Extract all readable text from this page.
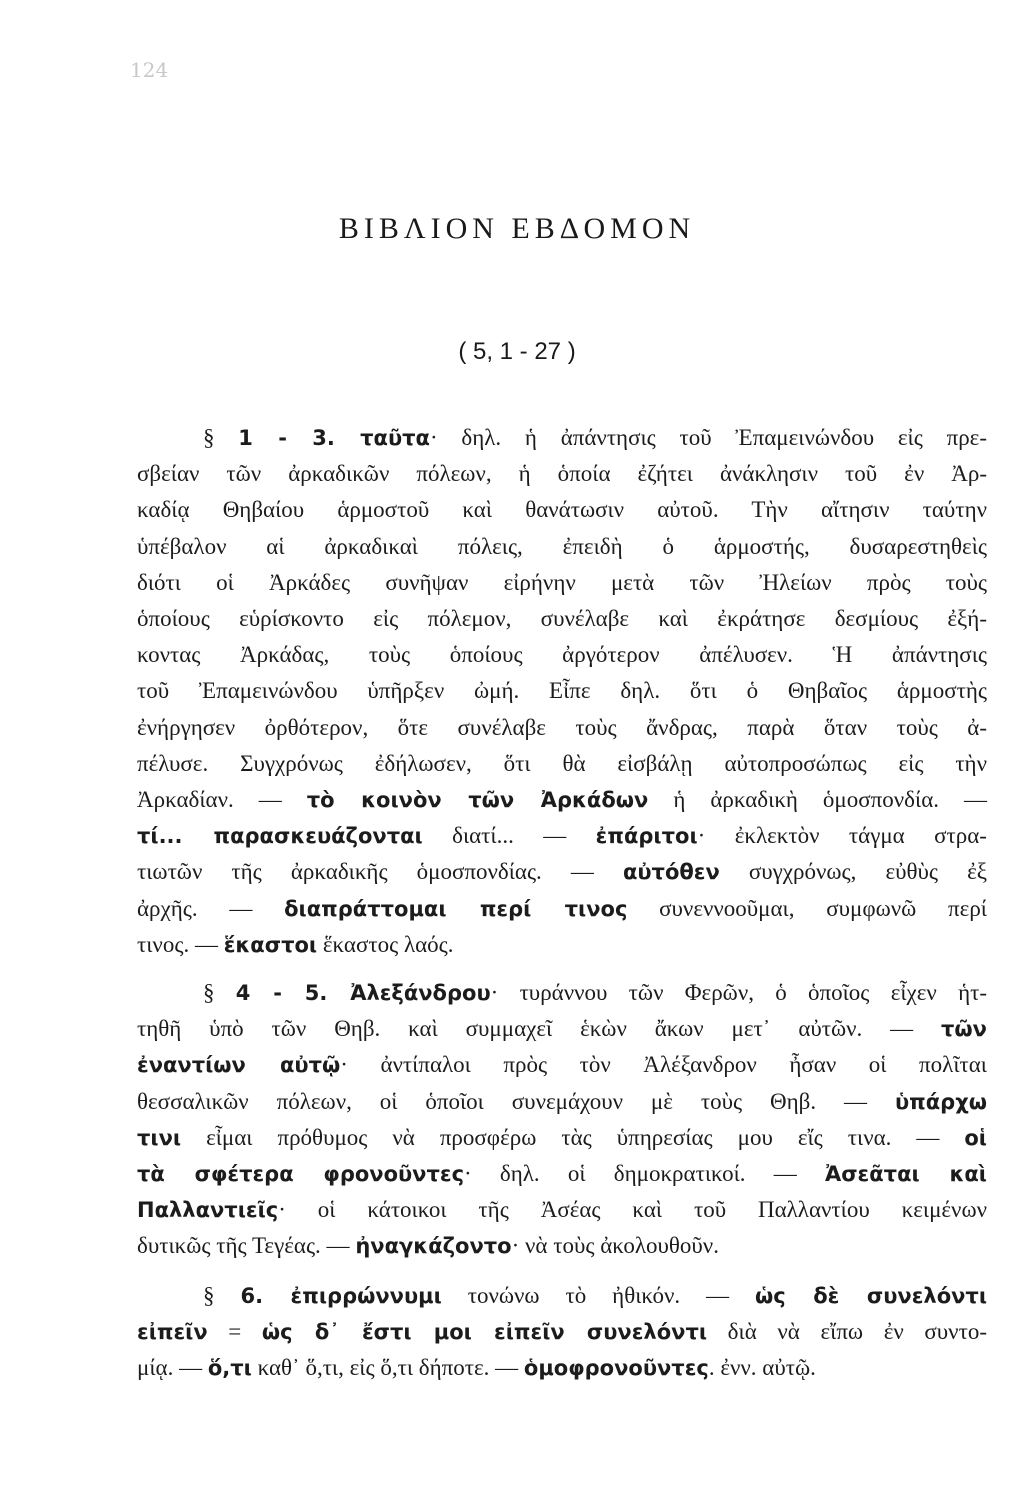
124
ΒΙΒΛΙΟΝ ΕΒΔΟΜΟΝ
( 5, 1 - 27 )
§ 1 - 3. ταῦτα· δηλ. ἡ ἀπάντησις τοῦ Ἐπαμεινώνδου εἰς πρε-
σβείαν τῶν ἀρκαδικῶν πόλεων, ἡ ὁποία ἐζήτει ἀνάκλησιν τοῦ ἐν Ἀρ-
καδίᾳ Θηβαίου ἁρμοστοῦ καὶ θανάτωσιν αὐτοῦ. Τὴν αἴτησιν ταύτην
ὑπέβαλον αἱ ἀρκαδικαὶ πόλεις, ἐπειδὴ ὁ ἁρμοστής, δυσαρεστηθεὶς
διότι οἱ Ἀρκάδες συνῆψαν εἰρήνην μετὰ τῶν Ἠλείων πρὸς τοὺς
ὁποίους εὑρίσκοντο εἰς πόλεμον, συνέλαβε καὶ ἐκράτησε δεσμίους ἐξή-
κοντας Ἀρκάδας, τοὺς ὁποίους ἀργότερον ἀπέλυσεν. Ἡ ἀπάντησις
τοῦ Ἐπαμεινώνδου ὑπῆρξεν ὠμή. Εἶπε δηλ. ὅτι ὁ Θηβαῖος ἁρμοστὴς
ἐνήργησεν ὀρθότερον, ὅτε συνέλαβε τοὺς ἄνδρας, παρὰ ὅταν τοὺς ἀ-
πέλυσε. Συγχρόνως ἐδήλωσεν, ὅτι θὰ εἰσβάλῃ αὐτοπροσώπως εἰς τὴν
Ἀρκαδίαν. — τὸ κοινὸν τῶν Ἀρκάδων ἡ ἀρκαδικὴ ὁμοσπονδία. —
τί... παρασκευάζονται διατί... — ἐπάριτοι· ἐκλεκτὸν τάγμα στρα-
τιωτῶν τῆς ἀρκαδικῆς ὁμοσπονδίας. — αὐτόθεν συγχρόνως, εὐθὺς ἐξ
ἀρχῆς. — διαπράττομαι περί τινος συνεννοοῦμαι, συμφωνῶ περί
τινος. — ἕκαστοι ἕκαστος λαός.
§ 4 - 5. Ἀλεξάνδρου· τυράννου τῶν Φερῶν, ὁ ὁποῖος εἶχεν ἡτ-
τηθῆ ὑπὸ τῶν Θηβ. καὶ συμμαχεῖ ἑκὼν ἄκων μετ᾽ αὐτῶν. — τῶν
ἐναντίων αὐτῷ· ἀντίπαλοι πρὸς τὸν Ἀλέξανδρον ἦσαν οἱ πολῖται
θεσσαλικῶν πόλεων, οἱ ὁποῖοι συνεμάχουν μὲ τοὺς Θηβ. — ὑπάρχω
τινι εἶμαι πρόθυμος νὰ προσφέρω τὰς ὑπηρεσίας μου εἴς τινα. — οἱ
τὰ σφέτερα φρονοῦντες· δηλ. οἱ δημοκρατικοί. — Ἀσεᾶται καὶ
Παλλαντιεῖς· οἱ κάτοικοι τῆς Ἀσέας καὶ τοῦ Παλλαντίου κειμένων
δυτικῶς τῆς Τεγέας. — ἠναγκάζοντο· νὰ τοὺς ἀκολουθοῦν.
§ 6. ἐπιρρώννυμι τονώνω τὸ ἠθικόν. — ὡς δὲ συνελόντι
εἰπεῖν = ὡς δ᾽ ἔστι μοι εἰπεῖν συνελόντι διὰ νὰ εἴπω ἐν συντο-
μίᾳ. — ὅ,τι καθ᾽ ὅ,τι, εἰς ὅ,τι δήποτε. — ὁμοφρονοῦντες. ἐνν. αὐτῷ.
